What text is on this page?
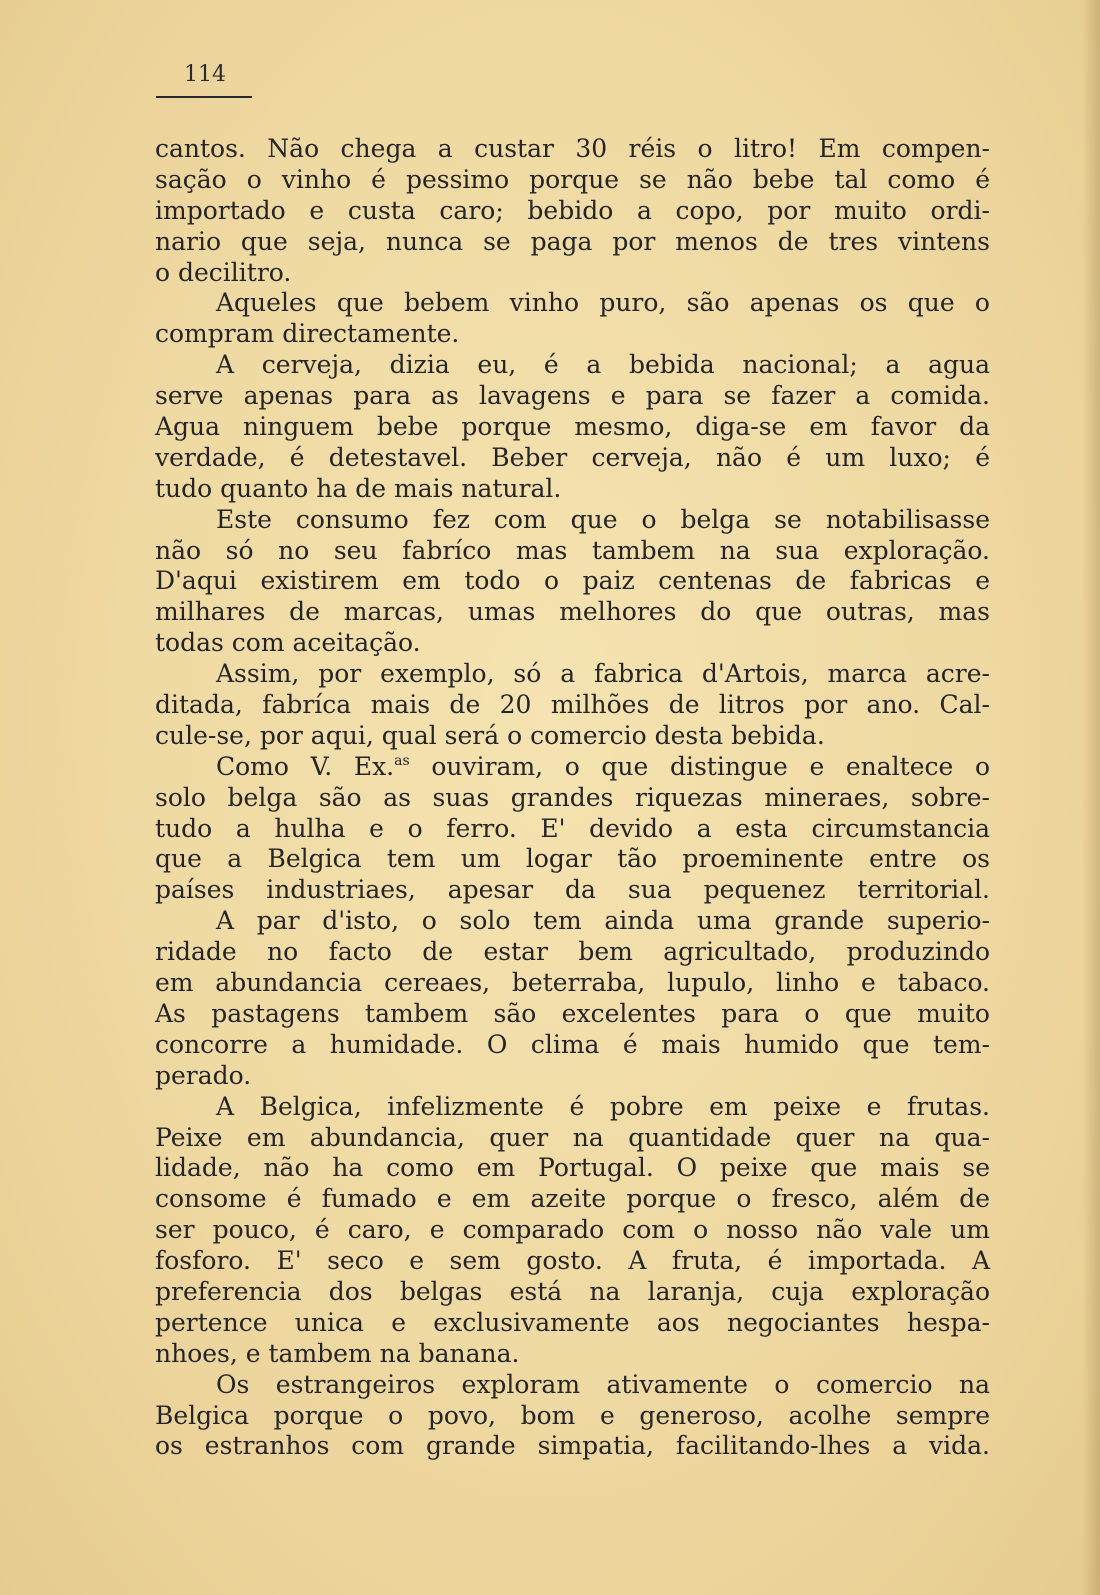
114
cantos. Não chega a custar 30 réis o litro! Em compen-
sação o vinho é pessimo porque se não bebe tal como é
importado e custa caro; bebido a copo, por muito ordi-
nario que seja, nunca se paga por menos de tres vintens
o decilitro.
Aqueles que bebem vinho puro, são apenas os que o
compram directamente.
A cerveja, dizia eu, é a bebida nacional; a agua
serve apenas para as lavagens e para se fazer a comida.
Agua ninguem bebe porque mesmo, diga-se em favor da
verdade, é detestavel. Beber cerveja, não é um luxo; é
tudo quanto ha de mais natural.
Este consumo fez com que o belga se notabilisasse
não só no seu fabríco mas tambem na sua exploração.
D'aqui existirem em todo o paiz centenas de fabricas e
milhares de marcas, umas melhores do que outras, mas
todas com aceitação.
Assim, por exemplo, só a fabrica d'Artois, marca acre-
ditada, fabríca mais de 20 milhões de litros por ano. Cal-
cule-se, por aqui, qual será o comercio desta bebida.
Como V. Ex.$^{as}$ ouviram, o que distingue e enaltece o
solo belga são as suas grandes riquezas mineraes, sobre-
tudo a hulha e o ferro. E' devido a esta circumstancia
que a Belgica tem um logar tão proeminente entre os
países industriaes, apesar da sua pequenez territorial.
A par d'isto, o solo tem ainda uma grande superio-
ridade no facto de estar bem agricultado, produzindo
em abundancia cereaes, beterraba, lupulo, linho e tabaco.
As pastagens tambem são excelentes para o que muito
concorre a humidade. O clima é mais humido que tem-
perado.
A Belgica, infelizmente é pobre em peixe e frutas.
Peixe em abundancia, quer na quantidade quer na qua-
lidade, não ha como em Portugal. O peixe que mais se
consome é fumado e em azeite porque o fresco, além de
ser pouco, é caro, e comparado com o nosso não vale um
fosforo. E' seco e sem gosto. A fruta, é importada. A
preferencia dos belgas está na laranja, cuja exploração
pertence unica e exclusivamente aos negociantes hespa-
nhoes, e tambem na banana.
Os estrangeiros exploram ativamente o comercio na
Belgica porque o povo, bom e generoso, acolhe sempre
os estranhos com grande simpatia, facilitando-lhes a vida.
